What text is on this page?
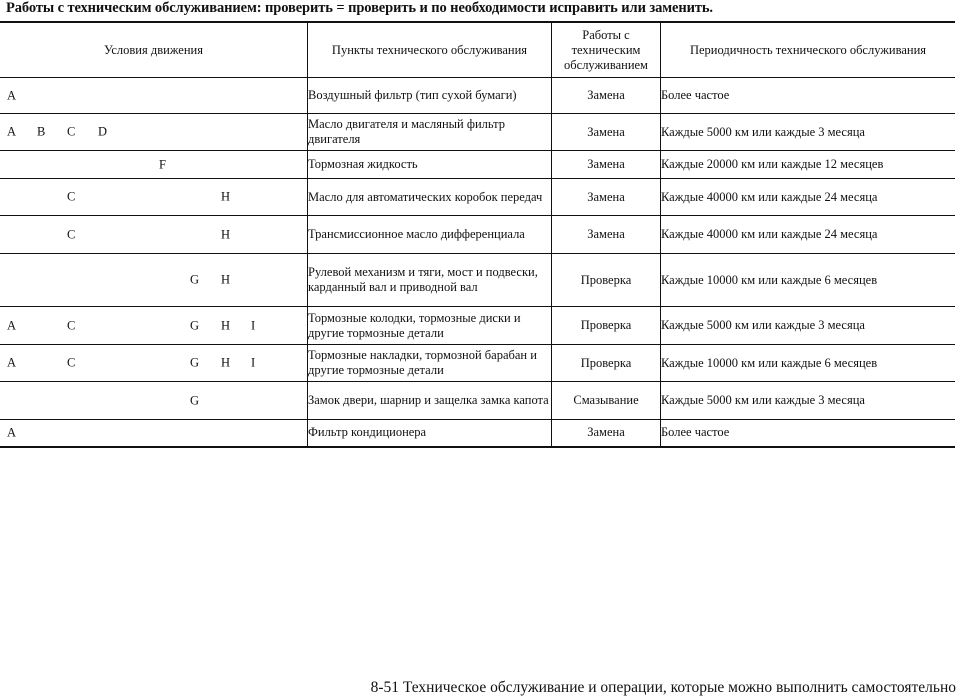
Работы с техническим обслуживанием: проверить = проверить и по необходимости исправить или заменить.
Условия движения	Пункты технического обслуживания	Работы с техническим обслуживанием	Периодичность технического обслуживания

A	Воздушный фильтр (тип сухой бумаги)	Замена	Более частое

A B C D	Масло двигателя и масляный фильтр двигателя	Замена	Каждые 5000 км или каждые 3 месяца

F	Тормозная жидкость	Замена	Каждые 20000 км или каждые 12 месяцев

C H	Масло для автоматических коробок передач	Замена	Каждые 40000 км или каждые 24 месяца

C H	Трансмиссионное масло дифференциала	Замена	Каждые 40000 км или каждые 24 месяца

G H	Рулевой механизм и тяги, мост и подвески, карданный вал и приводной вал	Проверка	Каждые 10000 км или каждые 6 месяцев

A C G H I	Тормозные колодки, тормозные диски и другие тормозные детали	Проверка	Каждые 5000 км или каждые 3 месяца

A C G H I	Тормозные накладки, тормозной барабан и другие тормозные детали	Проверка	Каждые 10000 км или каждые 6 месяцев

G	Замок двери, шарнир и защелка замка капота	Смазывание	Каждые 5000 км или каждые 3 месяца

A	Фильтр кондиционера	Замена	Более частое
8-51 Техническое обслуживание и операции, которые можно выполнить самостоятельно
